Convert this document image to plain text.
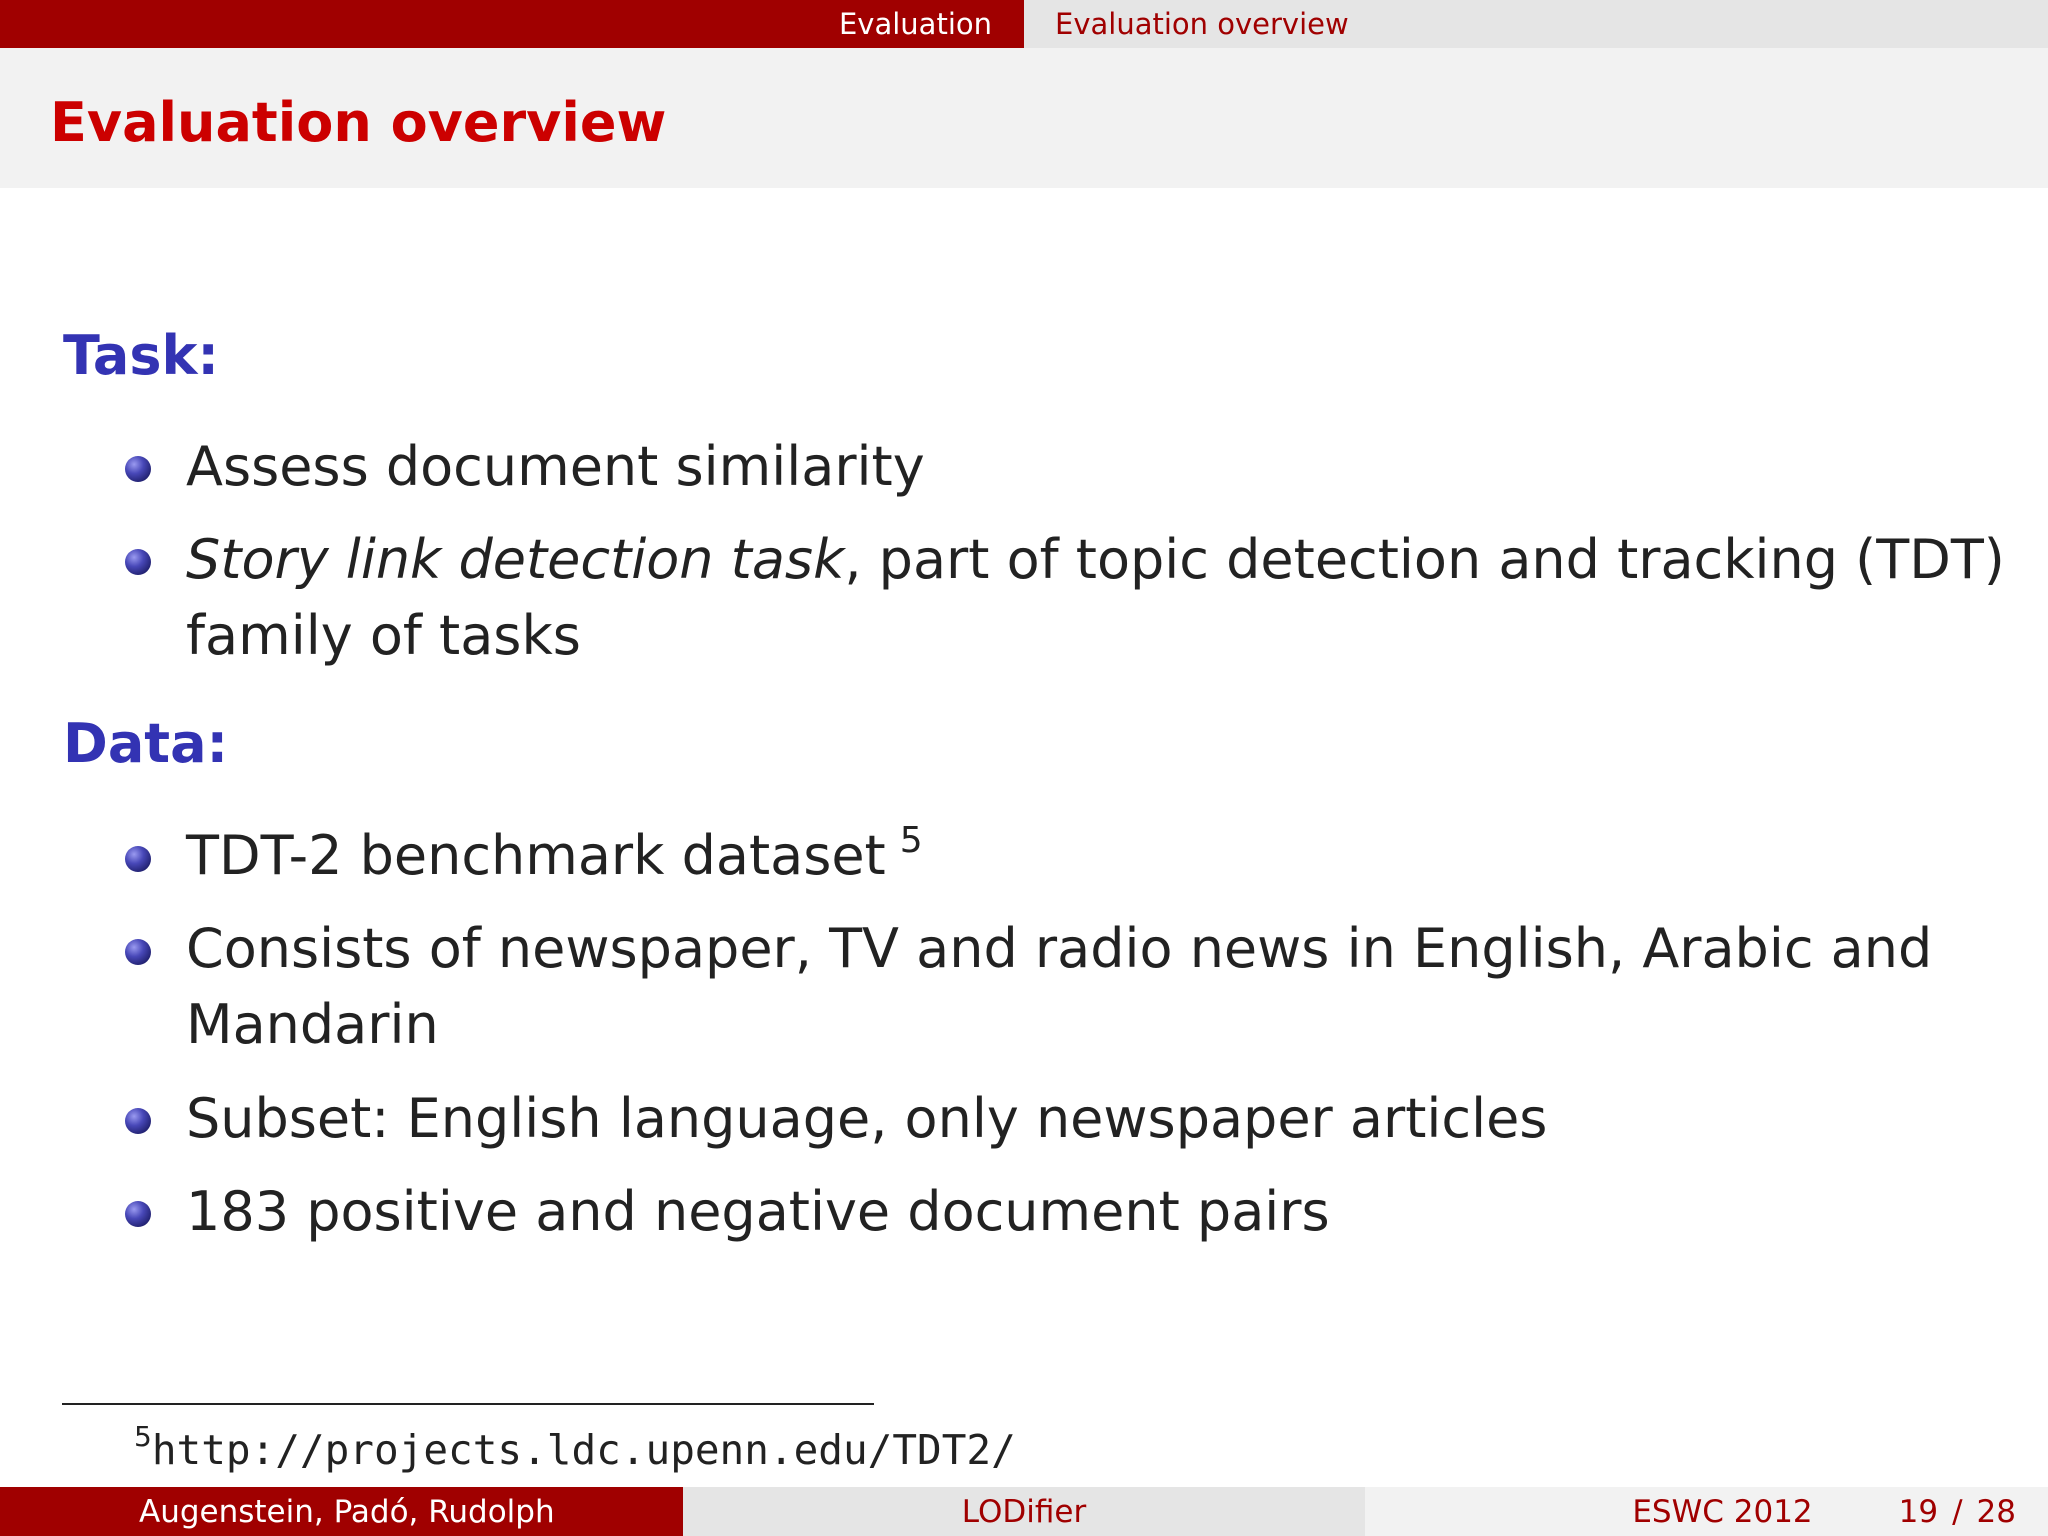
Evaluation Evaluation overview
Evaluation overview
Task:
Assess document similarity
Story link detection task, part of topic detection and tracking (TDT) family of tasks
Data:
TDT-2 benchmark dataset $^5$
Consists of newspaper, TV and radio news in English, Arabic and Mandarin
Subset: English language, only newspaper articles
183 positive and negative document pairs
$^5$http://projects.ldc.upenn.edu/TDT2/
Augenstein, Padó, Rudolph	LODifier	ESWC 2012	19 / 28
